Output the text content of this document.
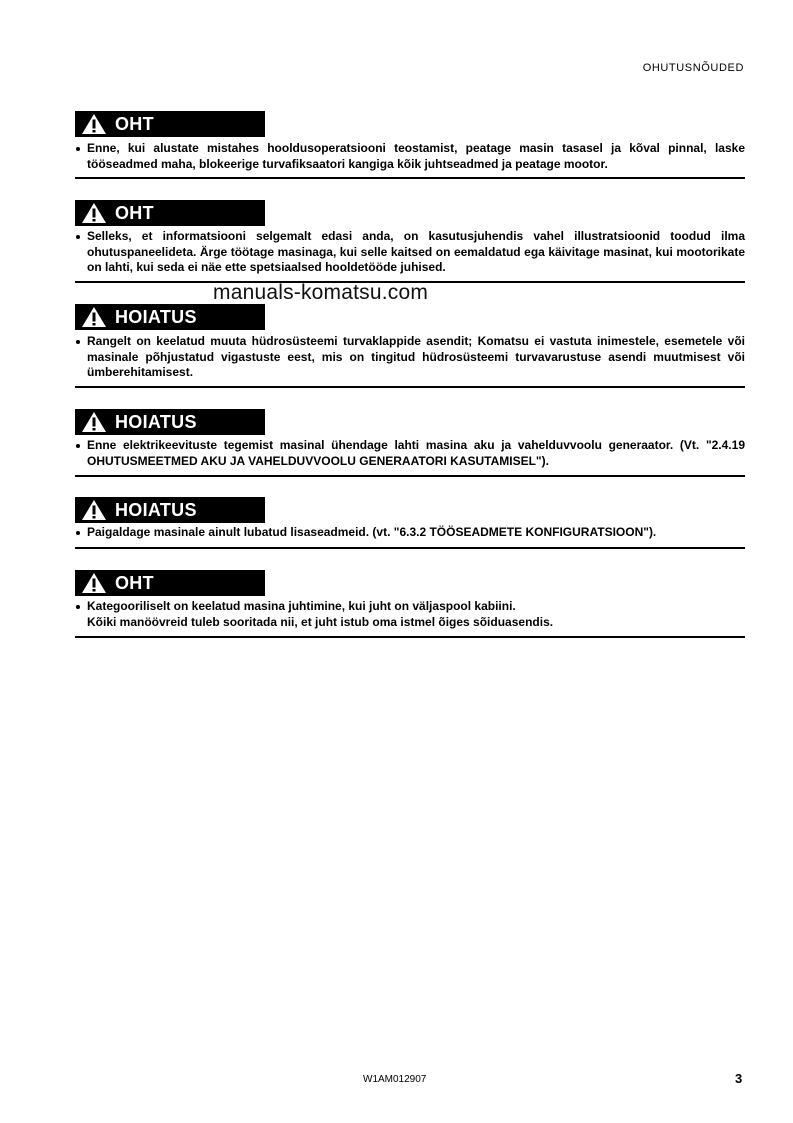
OHUTUSNÕUDED
OHT

Enne, kui alustate mistahes hooldusoperatsiooni teostamist, peatage masin tasasel ja kõval pinnal, laske tööseadmed maha, blokeerige turvafiksaatori kangiga kõik juhtseadmed ja peatage mootor.

OHT

Selleks, et informatsiooni selgemalt edasi anda, on kasutusjuhendis vahel illustratsioonid toodud ilma ohutuspaneelideta. Ärge töötage masinaga, kui selle kaitsed on eemaldatud ega käivitage masinat, kui mootorikate on lahti, kui seda ei näe ette spetsiaalsed hooldetööde juhised.

manuals-komatsu.com
HOIATUS

Rangelt on keelatud muuta hüdrosüsteemi turvaklappide asendit; Komatsu ei vastuta inimestele, esemetele või masinale põhjustatud vigastuste eest, mis on tingitud hüdrosüsteemi turvavarustuse asendi muutmisest või ümberehitamisest.

HOIATUS

Enne elektrikeevituste tegemist masinal ühendage lahti masina aku ja vahelduvvoolu generaator. (Vt. "2.4.19 OHUTUSMEETMED AKU JA VAHELDUVVOOLU GENERAATORI KASUTAMISEL").

HOIATUS

Paigaldage masinale ainult lubatud lisaseadmeid. (vt. "6.3.2 TÖÖSEADMETE KONFIGURATSIOON").

OHT

Kategooriliselt on keelatud masina juhtimine, kui juht on väljaspool kabiini.

Kõiki manöövreid tuleb sooritada nii, et juht istub oma istmel õiges sõiduasendis.

W1AM012907	3
